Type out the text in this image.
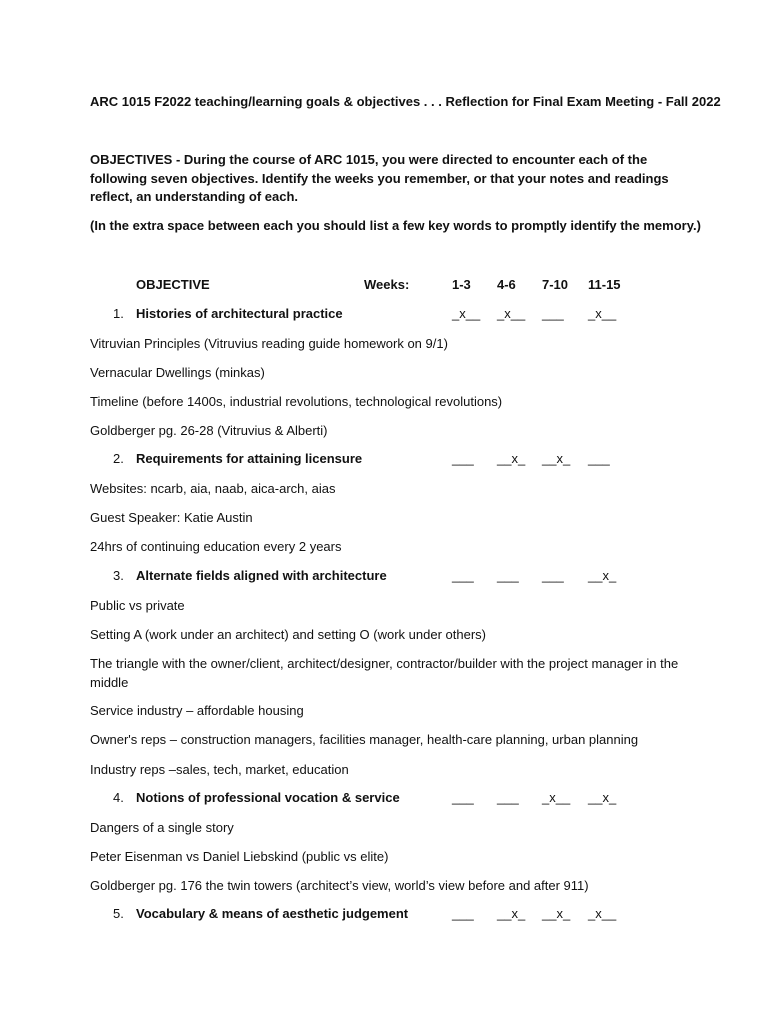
ARC 1015 F2022 teaching/learning goals & objectives . . . Reflection for Final Exam Meeting - Fall 2022
OBJECTIVES - During the course of ARC 1015, you were directed to encounter each of the following seven objectives. Identify the weeks you remember, or that your notes and readings reflect, an understanding of each.
(In the extra space between each you should list a few key words to promptly identify the memory.)
OBJECTIVE	Weeks:	1-3 4-6 7-10 11-15
1. Histories of architectural practice	_x__ _x__ ___ _x__
Vitruvian Principles (Vitruvius reading guide homework on 9/1)
Vernacular Dwellings (minkas)
Timeline (before 1400s, industrial revolutions, technological revolutions)
Goldberger pg. 26-28 (Vitruvius & Alberti)
2. Requirements for attaining licensure	___ __x_ __x_ ___
Websites: ncarb, aia, naab, aica-arch, aias
Guest Speaker: Katie Austin
24hrs of continuing education every 2 years
3. Alternate fields aligned with architecture	___ ___ ___ __x_
Public vs private
Setting A (work under an architect) and setting O (work under others)
The triangle with the owner/client, architect/designer, contractor/builder with the project manager in the middle
Service industry – affordable housing
Owner's reps – construction managers, facilities manager, health-care planning, urban planning
Industry reps –sales, tech, market, education
4. Notions of professional vocation & service	___ ___ _x__ __x_
Dangers of a single story
Peter Eisenman vs Daniel Liebskind (public vs elite)
Goldberger pg. 176 the twin towers (architect’s view, world’s view before and after 911)
5. Vocabulary & means of aesthetic judgement	___ __x_ __x_ _x__
